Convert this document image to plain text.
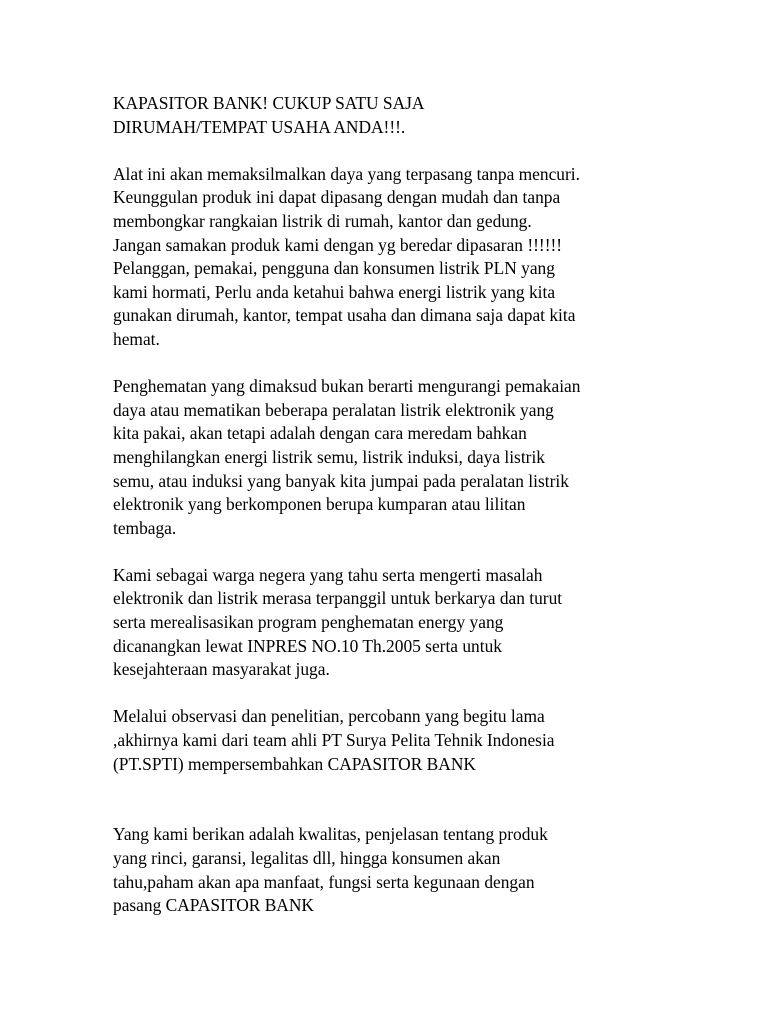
KAPASITOR BANK! CUKUP SATU SAJA
DIRUMAH/TEMPAT USAHA ANDA!!!.
Alat ini akan memaksilmalkan daya yang terpasang tanpa mencuri.
Keunggulan produk ini dapat dipasang dengan mudah dan tanpa
membongkar rangkaian listrik di rumah, kantor dan gedung.
Jangan samakan produk kami dengan yg beredar dipasaran !!!!!!
Pelanggan, pemakai, pengguna dan konsumen listrik PLN yang
kami hormati, Perlu anda ketahui bahwa energi listrik yang kita
gunakan dirumah, kantor, tempat usaha dan dimana saja dapat kita
hemat.
Penghematan yang dimaksud bukan berarti mengurangi pemakaian
daya atau mematikan beberapa peralatan listrik elektronik yang
kita pakai, akan tetapi adalah dengan cara meredam bahkan
menghilangkan energi listrik semu, listrik induksi, daya listrik
semu, atau induksi yang banyak kita jumpai pada peralatan listrik
elektronik yang berkomponen berupa kumparan atau lilitan
tembaga.
Kami sebagai warga negera yang tahu serta mengerti masalah
elektronik dan listrik merasa terpanggil untuk berkarya dan turut
serta merealisasikan program penghematan energy yang
dicanangkan lewat INPRES NO.10 Th.2005 serta untuk
kesejahteraan masyarakat juga.
Melalui observasi dan penelitian, percobann yang begitu lama
,akhirnya kami dari team ahli PT Surya Pelita Tehnik Indonesia
(PT.SPTI) mempersembahkan CAPASITOR BANK
Yang kami berikan adalah kwalitas, penjelasan tentang produk
yang rinci, garansi, legalitas dll, hingga konsumen akan
tahu,paham akan apa manfaat, fungsi serta kegunaan dengan
pasang CAPASITOR BANK
